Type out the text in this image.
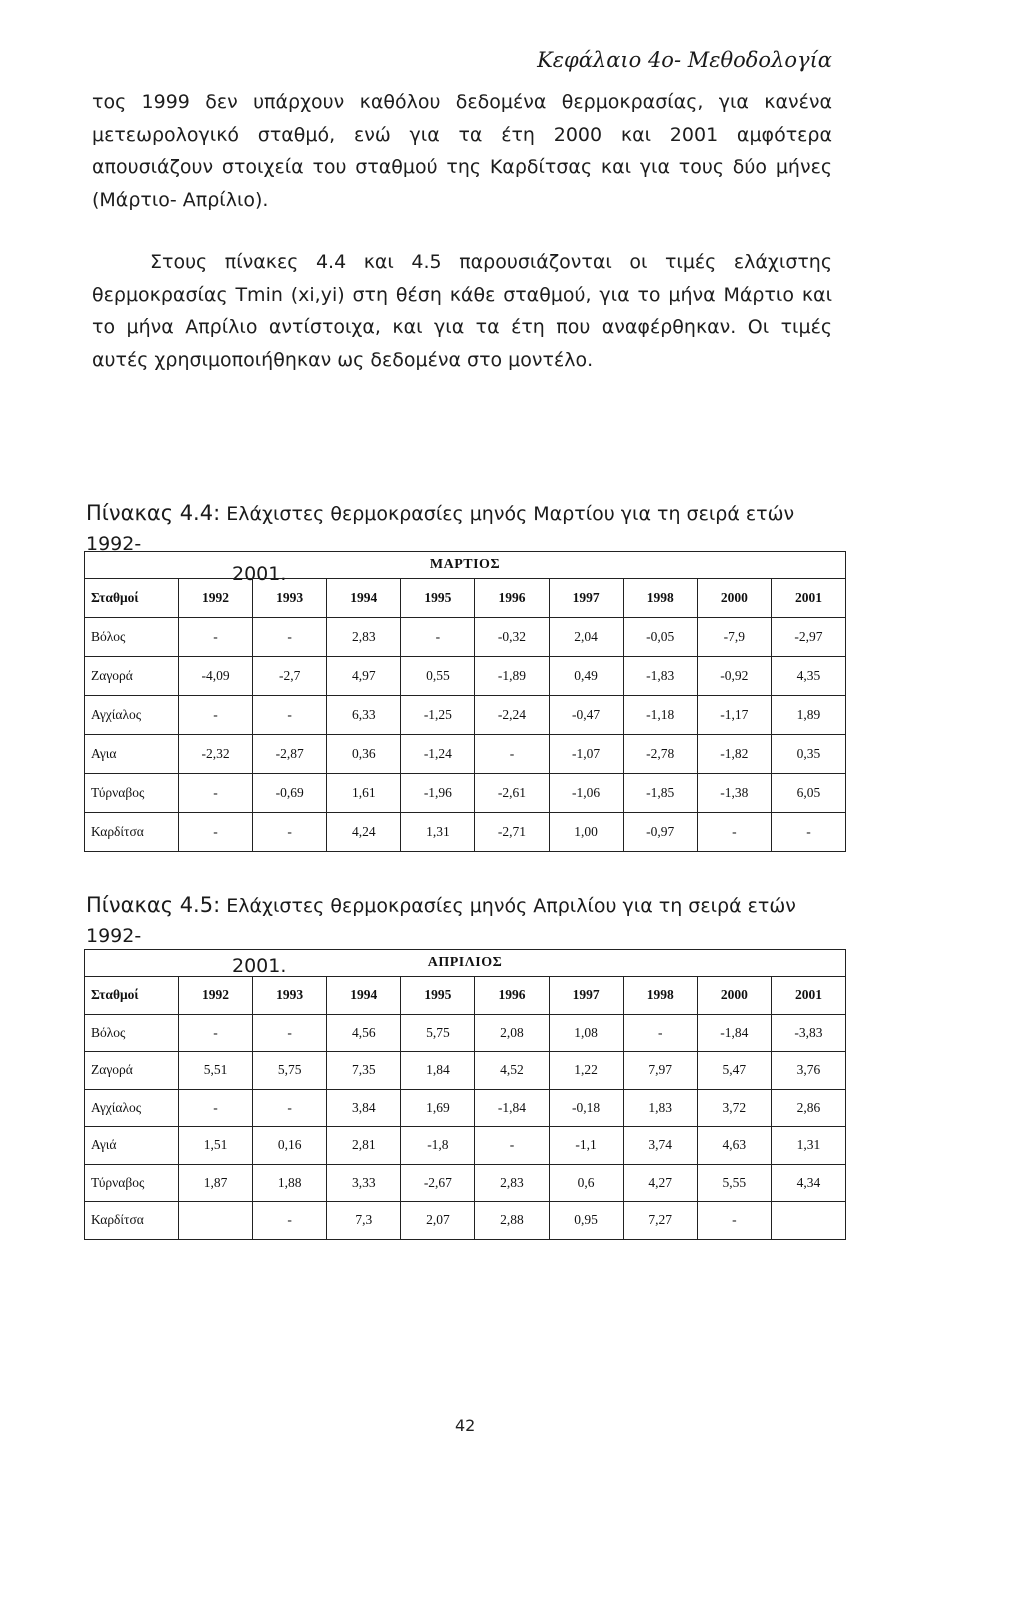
Κεφάλαιο 4ο- Μεθοδολογία

τος 1999 δεν υπάρχουν καθόλου δεδομένα θερμοκρασίας, για κανένα μετεωρολογικό σταθμό, ενώ για τα έτη 2000 και 2001 αμφότερα απουσιάζουν στοιχεία του σταθμού της Καρδίτσας και για τους δύο μήνες (Μάρτιο- Απρίλιο).

Στους πίνακες 4.4 και 4.5 παρουσιάζονται οι τιμές ελάχιστης θερμοκρασίας Tmin (xi,yi) στη θέση κάθε σταθμού, για το μήνα Μάρτιο και το μήνα Απρίλιο αντίστοιχα, και για τα έτη που αναφέρθηκαν. Οι τιμές αυτές χρησιμοποιήθηκαν ως δεδομένα στο μοντέλο.

Πίνακας 4.4: Ελάχιστες θερμοκρασίες μηνός Μαρτίου για τη σειρά ετών 1992-
2001.	ΜΑΡΤΙΟΣ									
Σταθμοί	1992	1993	1994	1995	1996	1997	1998	2000	2001
Βόλος	-	-	2,83	-	-0,32	2,04	-0,05	-7,9	-2,97
Ζαγορά	-4,09	-2,7	4,97	0,55	-1,89	0,49	-1,83	-0,92	4,35
Αγχίαλος	-	-	6,33	-1,25	-2,24	-0,47	-1,18	-1,17	1,89
Αγια	-2,32	-2,87	0,36	-1,24	-	-1,07	-2,78	-1,82	0,35
Τύρναβος	-	-0,69	1,61	-1,96	-2,61	-1,06	-1,85	-1,38	6,05
Καρδίτσα	-	-	4,24	1,31	-2,71	1,00	-0,97	-	-
Πίνακας 4.5: Ελάχιστες θερμοκρασίες μηνός Απριλίου για τη σειρά ετών 1992-
2001.	ΑΠΡΙΛΙΟΣ									
Σταθμοί	1992	1993	1994	1995	1996	1997	1998	2000	2001
Βόλος	-	-	4,56	5,75	2,08	1,08	-	-1,84	-3,83
Ζαγορά	5,51	5,75	7,35	1,84	4,52	1,22	7,97	5,47	3,76
Αγχίαλος	-	-	3,84	1,69	-1,84	-0,18	1,83	3,72	2,86
Αγιά	1,51	0,16	2,81	-1,8	-	-1,1	3,74	4,63	1,31
Τύρναβος	1,87	1,88	3,33	-2,67	2,83	0,6	4,27	5,55	4,34
Καρδίτσα		-	7,3	2,07	2,88	0,95	7,27	-	
42
